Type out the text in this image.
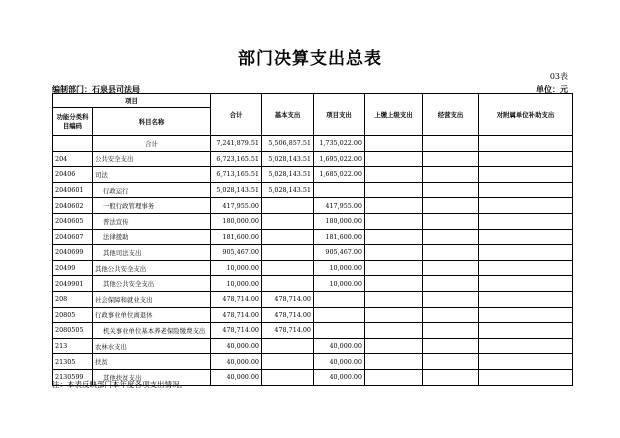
部门决算支出总表
03表
编制部门：石泉县司法局	单位：元
项目		合计	基本支出	项目支出	上缴上级支出	经营支出	对附属单位补助支出
功能分类科目编码	科目名称						
	合计	7,241,879.51	5,506,857.51	1,735,022.00			
204	公共安全支出	6,723,165.51	5,028,143.51	1,695,022.00			
20406	司法	6,713,165.51	5,028,143.51	1,685,022.00			
2040601	行政运行	5,028,143.51	5,028,143.51				
2040602	一般行政管理事务	417,955.00		417,955.00			
2040605	普法宣传	180,000.00		180,000.00			
2040607	法律援助	181,600.00		181,600.00			
2040699	其他司法支出	905,467.00		905,467.00			
20499	其他公共安全支出	10,000.00		10,000.00			
2049901	其他公共安全支出	10,000.00		10,000.00			
208	社会保障和就业支出	478,714.00	478,714.00				
20805	行政事业单位离退休	478,714.00	478,714.00				
2080505	机关事业单位基本养老保险缴费支出	478,714.00	478,714.00				
213	农林水支出	40,000.00		40,000.00			
21305	扶贫	40,000.00		40,000.00			
2130599	其他扶贫支出	40,000.00		40,000.00			
注：本表反映部门本年度各项支出情况。
